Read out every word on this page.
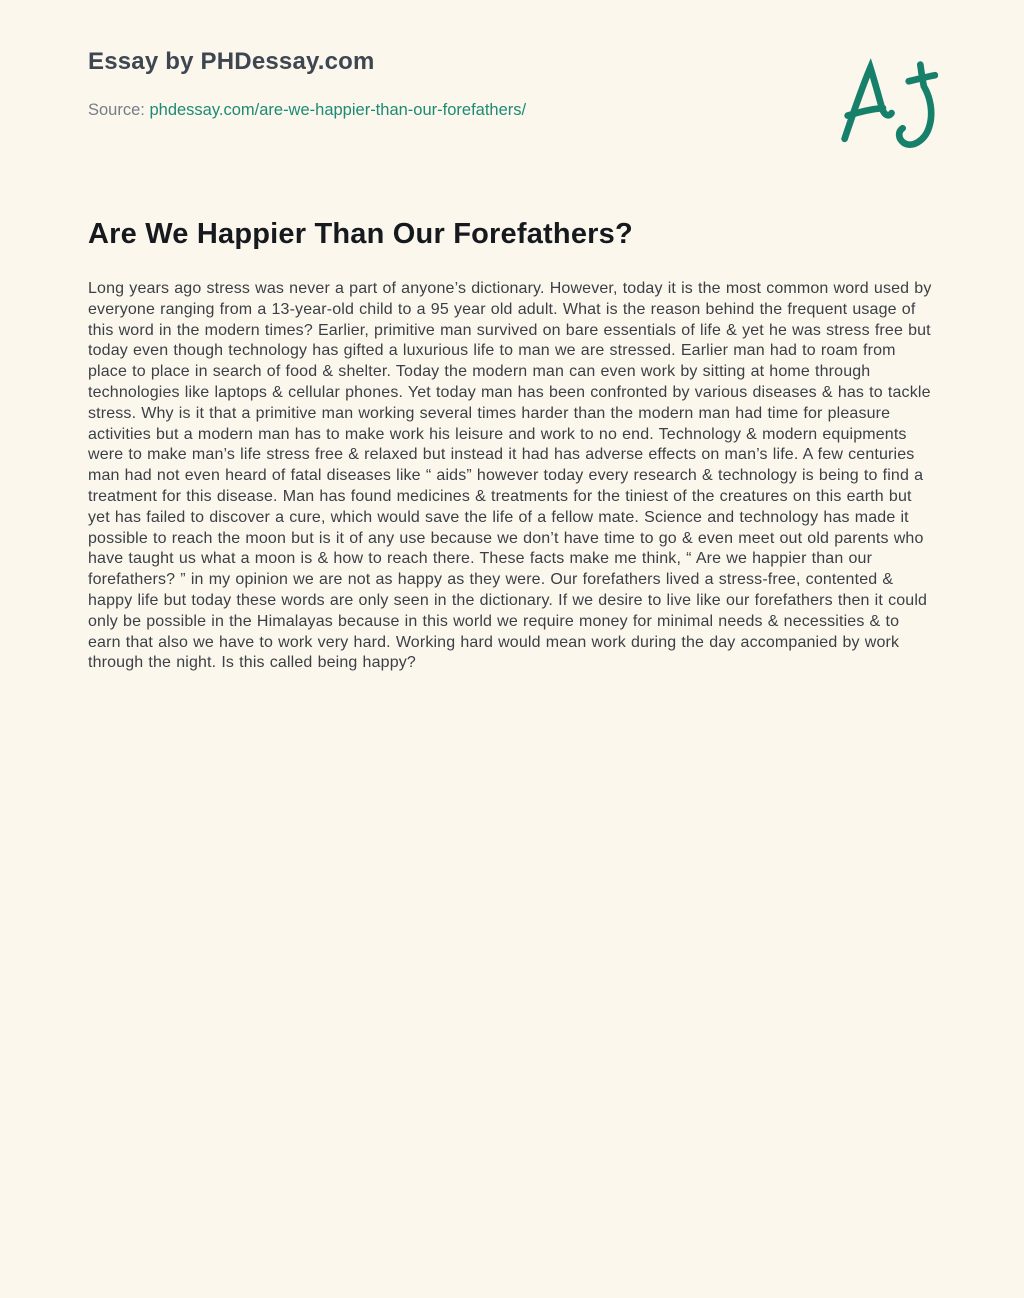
Essay by PHDessay.com
Source: phdessay.com/are-we-happier-than-our-forefathers/
Are We Happier Than Our Forefathers?

Long years ago stress was never a part of anyone’s dictionary. However, today it is the most common word used by everyone ranging from a 13-year-old child to a 95 year old adult. What is the reason behind the frequent usage of this word in the modern times? Earlier, primitive man survived on bare essentials of life & yet he was stress free but today even though technology has gifted a luxurious life to man we are stressed. Earlier man had to roam from place to place in search of food & shelter. Today the modern man can even work by sitting at home through technologies like laptops & cellular phones. Yet today man has been confronted by various diseases & has to tackle stress. Why is it that a primitive man working several times harder than the modern man had time for pleasure activities but a modern man has to make work his leisure and work to no end. Technology & modern equipments were to make man’s life stress free & relaxed but instead it had has adverse effects on man’s life. A few centuries man had not even heard of fatal diseases like “ aids” however today every research & technology is being to find a treatment for this disease. Man has found medicines & treatments for the tiniest of the creatures on this earth but yet has failed to discover a cure, which would save the life of a fellow mate. Science and technology has made it possible to reach the moon but is it of any use because we don’t have time to go & even meet out old parents who have taught us what a moon is & how to reach there. These facts make me think, “ Are we happier than our forefathers? ” in my opinion we are not as happy as they were. Our forefathers lived a stress-free, contented & happy life but today these words are only seen in the dictionary. If we desire to live like our forefathers then it could only be possible in the Himalayas because in this world we require money for minimal needs & necessities & to earn that also we have to work very hard. Working hard would mean work during the day accompanied by work through the night. Is this called being happy?
